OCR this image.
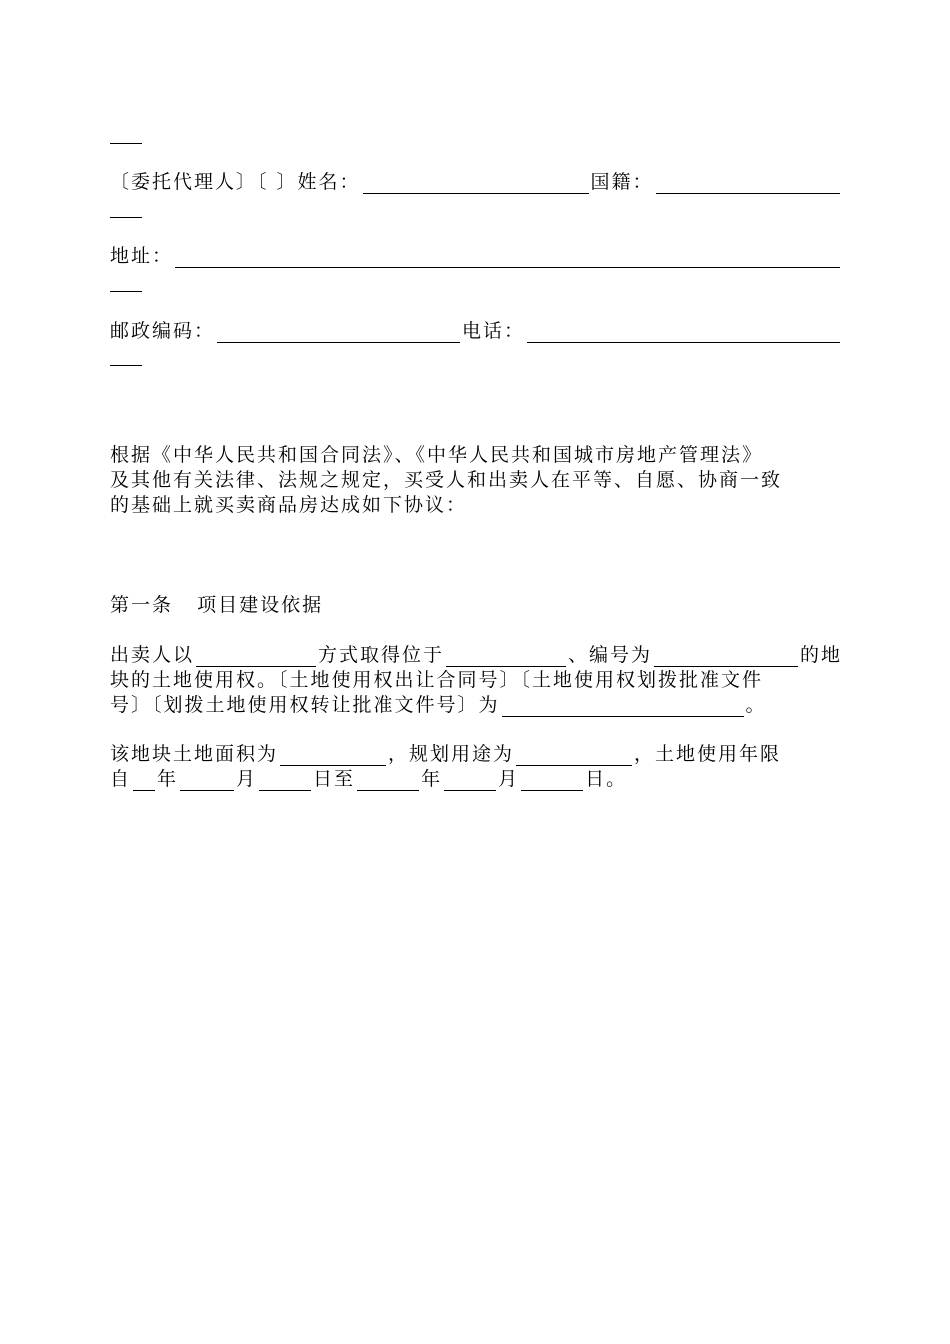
〔委托代理人〕〔 〕姓名：	国籍：
地址：
邮政编码：	电话：
根据《中华人民共和国合同法》、《中华人民共和国城市房地产管理法》
及其他有关法律、法规之规定，买受人和出卖人在平等、自愿、协商一致
的基础上就买卖商品房达成如下协议：
第一条   项目建设依据
出卖人以	方式取得位于	、编号为	的地
块的土地使用权。〔土地使用权出让合同号〕〔土地使用权划拨批准文件
号〕〔划拨土地使用权转让批准文件号〕为	。
该地块土地面积为	，规划用途为	，土地使用年限
自 年	月	日至	年	月	日。
